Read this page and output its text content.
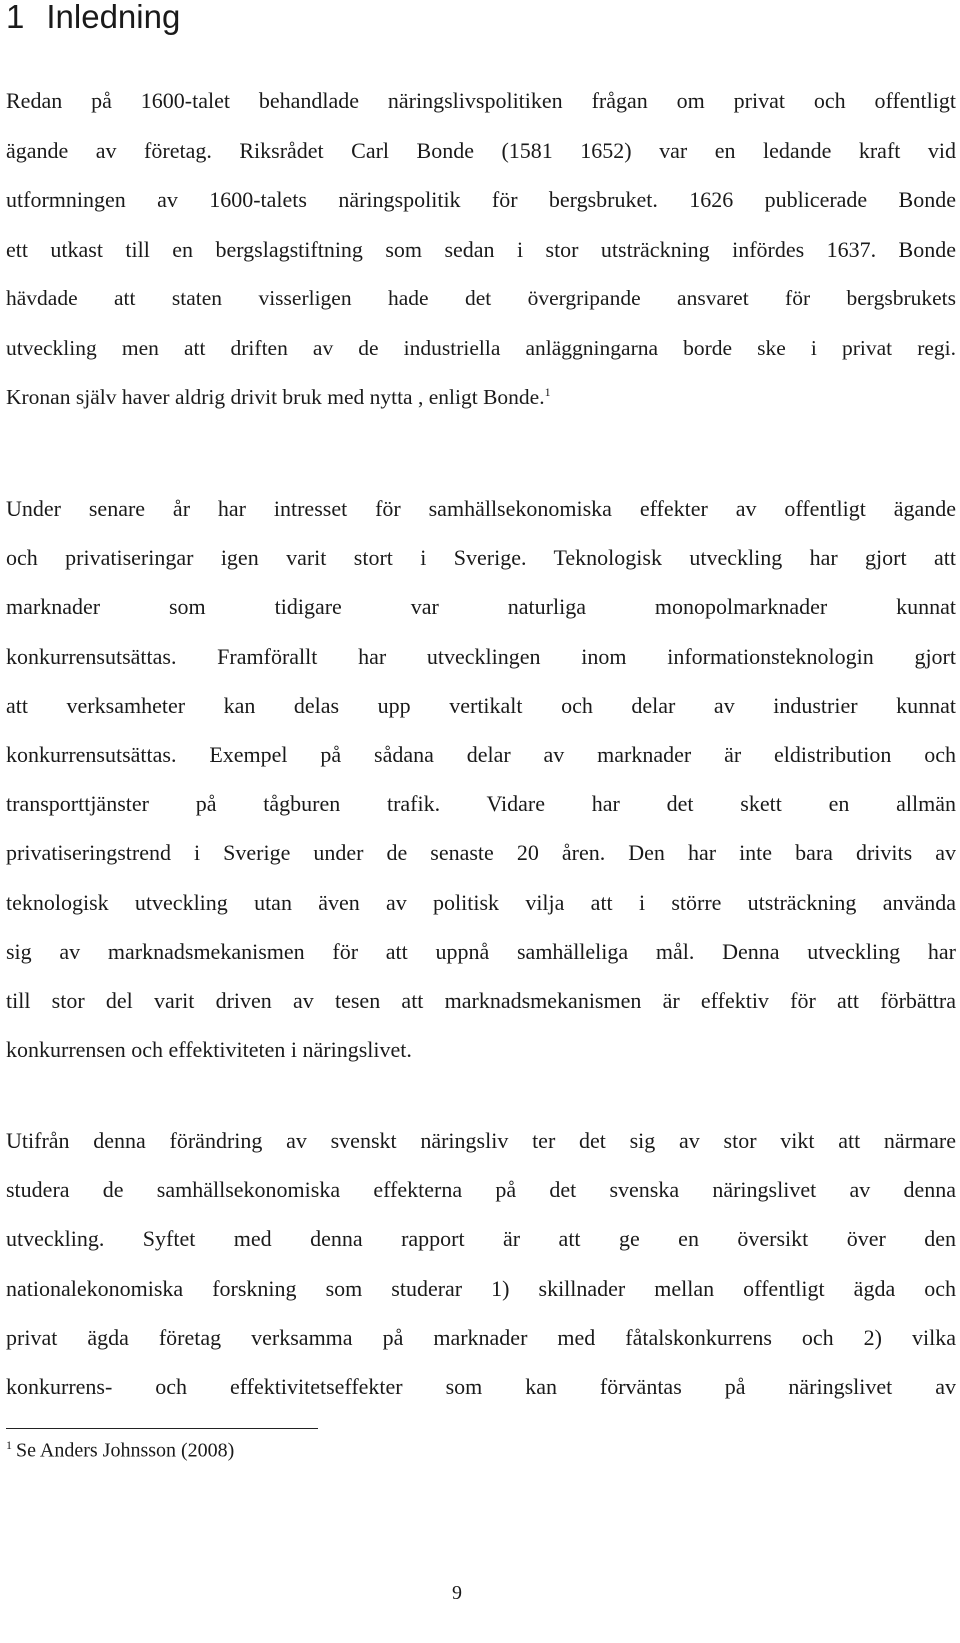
1 Inledning
Redan på 1600-talet behandlade näringslivspolitiken frågan om privat och offentligt
ägande av företag. Riksrådet Carl Bonde (1581 1652) var en ledande kraft vid
utformningen av 1600-talets näringspolitik för bergsbruket. 1626 publicerade Bonde
ett utkast till en bergslagstiftning som sedan i stor utsträckning infördes 1637. Bonde
hävdade att staten visserligen hade det övergripande ansvaret för bergsbrukets
utveckling men att driften av de industriella anläggningarna borde ske i privat regi.
Kronan själv haver aldrig drivit bruk med nytta , enligt Bonde.$^1$
Under senare år har intresset för samhällsekonomiska effekter av offentligt ägande
och privatiseringar igen varit stort i Sverige. Teknologisk utveckling har gjort att
marknader som tidigare var naturliga monopolmarknader kunnat
konkurrensutsättas. Framförallt har utvecklingen inom informationsteknologin gjort
att verksamheter kan delas upp vertikalt och delar av industrier kunnat
konkurrensutsättas. Exempel på sådana delar av marknader är eldistribution och
transporttjänster på tågburen trafik. Vidare har det skett en allmän
privatiseringstrend i Sverige under de senaste 20 åren. Den har inte bara drivits av
teknologisk utveckling utan även av politisk vilja att i större utsträckning använda
sig av marknadsmekanismen för att uppnå samhälleliga mål. Denna utveckling har
till stor del varit driven av tesen att marknadsmekanismen är effektiv för att förbättra
konkurrensen och effektiviteten i näringslivet.
Utifrån denna förändring av svenskt näringsliv ter det sig av stor vikt att närmare
studera de samhällsekonomiska effekterna på det svenska näringslivet av denna
utveckling. Syftet med denna rapport är att ge en översikt över den
nationalekonomiska forskning som studerar 1) skillnader mellan offentligt ägda och
privat ägda företag verksamma på marknader med fåtalskonkurrens och 2) vilka
konkurrens- och effektivitetseffekter som kan förväntas på näringslivet av

$^1$ Se Anders Johnsson (2008)

9
